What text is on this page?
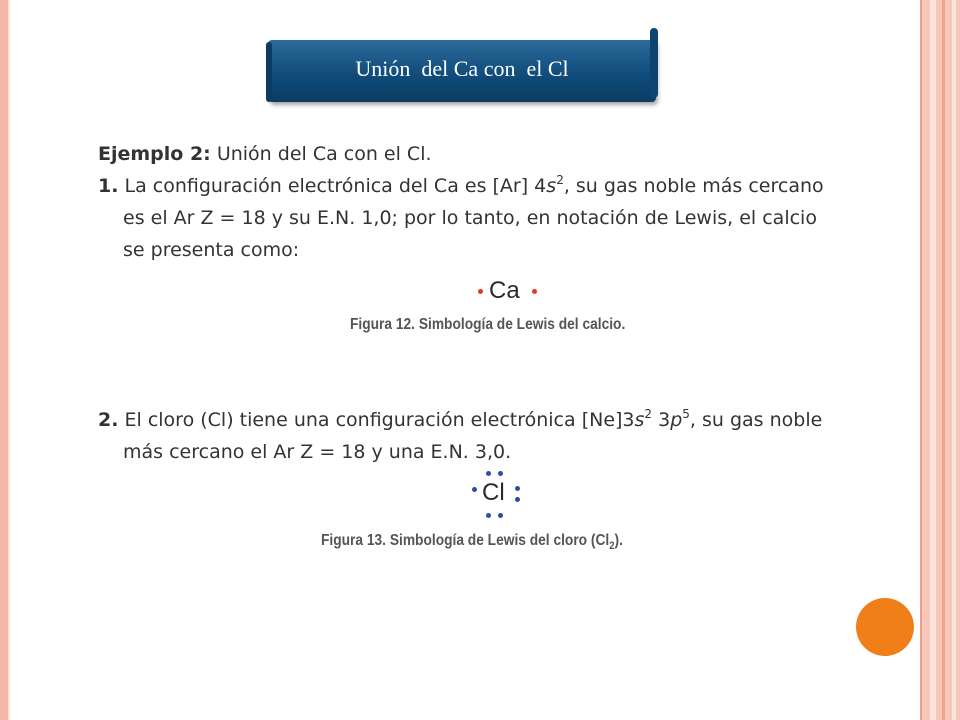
Unión  del Ca con  el Cl
Ejemplo 2: Unión del Ca con el Cl.
1. La configuración electrónica del Ca es [Ar] $4s^2$, su gas noble más cercano
es el Ar Z = 18 y su E.N. 1,0; por lo tanto, en notación de Lewis, el calcio
se presenta como:
2. El cloro (Cl) tiene una configuración electrónica $[Ne]3s^2$ $3p^5$, su gas noble
más cercano el Ar Z = 18 y una E.N. 3,0.
Ca
Figura 12. Simbología de Lewis del calcio.
Cl
Figura 13. Simbología de Lewis del cloro $(Cl_2)$.
